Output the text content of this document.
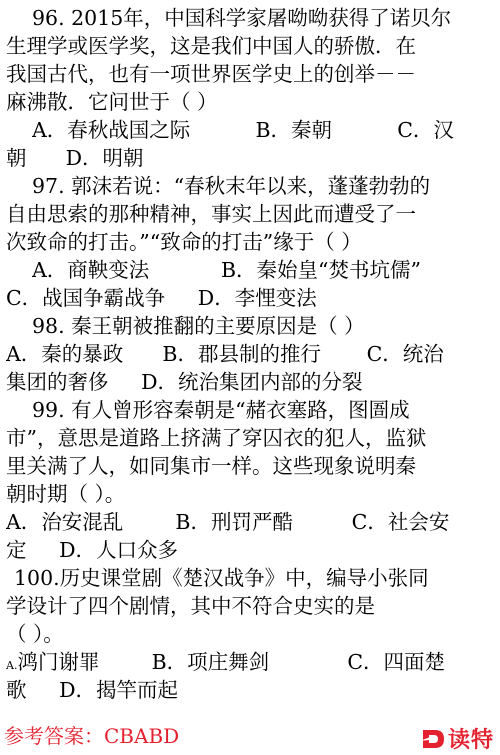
96. 2015年，中国科学家屠呦呦获得了诺贝尔
生理学或医学奖，这是我们中国人的骄傲．在
我国古代，也有一项世界医学史上的创举－－
麻沸散．它问世于（ ）
A．春秋战国之际          B．秦朝          C．汉
朝      D．明朝
97. 郭沫若说：“春秋末年以来，蓬蓬勃勃的
自由思索的那种精神，事实上因此而遭受了一
次致命的打击。”“致命的打击”缘于（ ）
A．商鞅变法           B．秦始皇“焚书坑儒”
C．战国争霸战争     D．李悝变法
98. 秦王朝被推翻的主要原因是（ ）
A．秦的暴政      B．郡县制的推行       C．统治
集团的奢侈     D．统治集团内部的分裂
99. 有人曾形容秦朝是“赭衣塞路，图圄成
市”，意思是道路上挤满了穿囚衣的犯人，监狱
里关满了人，如同集市一样。这些现象说明秦
朝时期（ ）。
A．治安混乱        B．刑罚严酷         C．社会安
定     D．人口众多
100.历史课堂剧《楚汉战争》中，编导小张同
学设计了四个剧情，其中不符合史实的是
（ ）。
A.鸿门谢罪        B．项庄舞剑            C．四面楚
歌     D．揭竿而起
参考答案：CBABD	读特
